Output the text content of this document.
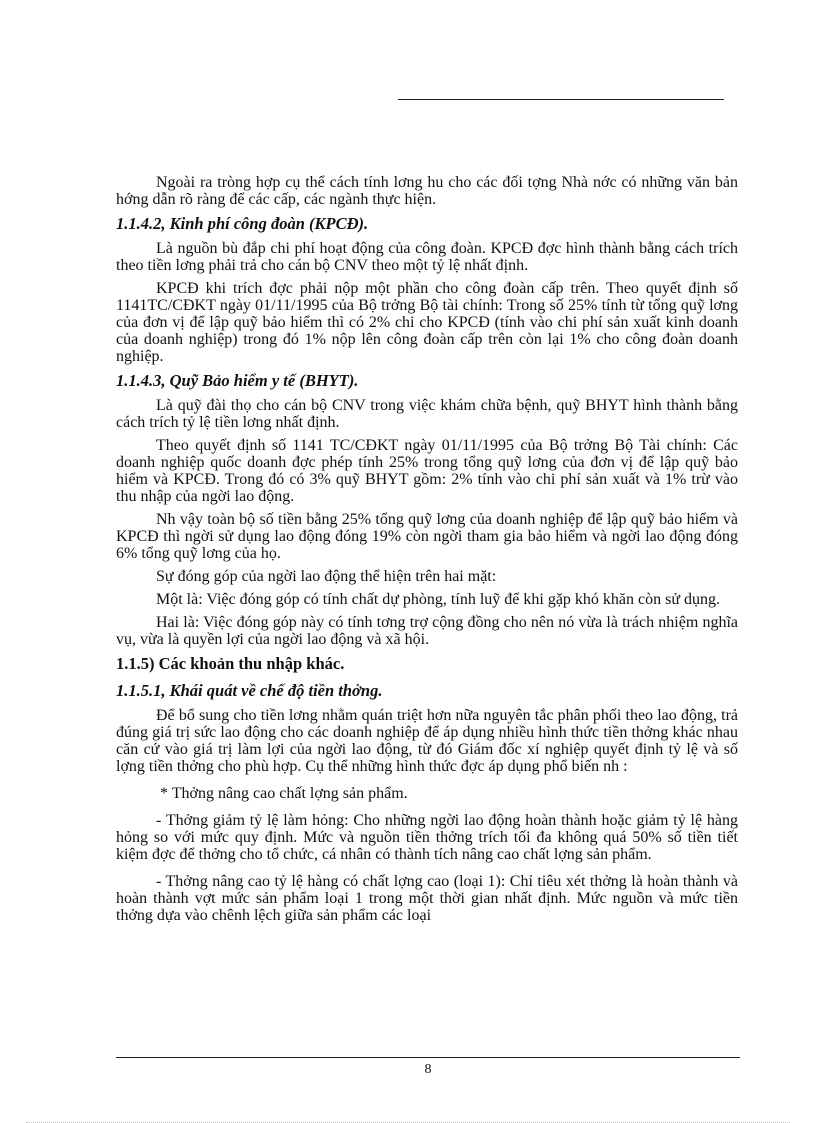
Ngoài ra tròng hợp cụ thể cách tính lơng hu cho các đối tợng Nhà nớc có những văn bản hớng dẫn rõ ràng để các cấp, các ngành thực hiện.

1.1.4.2, Kinh phí công đoàn (KPCĐ).

Là nguồn bù đắp chi phí hoạt động của công đoàn. KPCĐ đợc hình thành bằng cách trích theo tiền lơng phải trả cho cán bộ CNV theo một tỷ lệ nhất định.

KPCĐ khi trích đợc phải nộp một phần cho công đoàn cấp trên. Theo quyết định số 1141TC/CĐKT ngày 01/11/1995 của Bộ trởng Bộ tài chính: Trong số 25% tính từ tổng quỹ lơng của đơn vị để lập quỹ bảo hiểm thì có 2% chi cho KPCĐ (tính vào chi phí sản xuất kinh doanh của doanh nghiệp) trong đó 1% nộp lên công đoàn cấp trên còn lại 1% cho công đoàn doanh nghiệp.

1.1.4.3, Quỹ Bảo hiểm y tế (BHYT).

Là quỹ đài thọ cho cán bộ CNV trong việc khám chữa bệnh, quỹ BHYT hình thành bằng cách trích tỷ lệ tiền lơng nhất định.

Theo quyết định số 1141 TC/CĐKT ngày 01/11/1995 của Bộ trởng Bộ Tài chính: Các doanh nghiệp quốc doanh đợc phép tính 25% trong tổng quỹ lơng của đơn vị để lập quỹ bảo hiểm và KPCĐ. Trong đó có 3% quỹ BHYT gồm: 2% tính vào chi phí sản xuất và 1% trừ vào thu nhập của ngời lao động.

Nh vậy toàn bộ số tiền bằng 25% tổng quỹ lơng của doanh nghiệp để lập quỹ bảo hiểm và KPCĐ thì ngời sử dụng lao động đóng 19% còn ngời tham gia bảo hiểm và ngời lao động đóng 6% tổng quỹ lơng của họ.

Sự đóng góp của ngời lao động thể hiện trên hai mặt:

Một là: Việc đóng góp có tính chất dự phòng, tính luỹ để khi gặp khó khăn còn sử dụng.

Hai là: Việc đóng góp này có tính tơng trợ cộng đồng cho nên nó vừa là trách nhiệm nghĩa vụ, vừa là quyền lợi của ngời lao động và xã hội.

1.1.5) Các khoản thu nhập khác.
1.1.5.1, Khái quát về chế độ tiền thởng.

Để bổ sung cho tiền lơng nhằm quán triệt hơn nữa nguyên tắc phân phối theo lao động, trả đúng giá trị sức lao động cho các doanh nghiệp để áp dụng nhiều hình thức tiền thởng khác nhau căn cứ vào giá trị làm lợi của ngời lao động, từ đó Giám đốc xí nghiệp quyết định tỷ lệ và số lợng tiền thởng cho phù hợp. Cụ thể những hình thức đợc áp dụng phổ biến nh :

* Thởng nâng cao chất lợng sản phẩm.

- Thởng giảm tỷ lệ làm hỏng: Cho những ngời lao động hoàn thành hoặc giảm tỷ lệ hàng hỏng so với mức quy định. Mức và nguồn tiền thởng trích tối đa không quá 50% số tiền tiết kiệm đợc để thởng cho tổ chức, cá nhân có thành tích nâng cao chất lợng sản phẩm.

- Thởng nâng cao tỷ lệ hàng có chất lợng cao (loại 1): Chỉ tiêu xét thởng là hoàn thành và hoàn thành vợt mức sản phẩm loại 1 trong một thời gian nhất định. Mức nguồn và mức tiền thởng dựa vào chênh lệch giữa sản phẩm các loại

8
